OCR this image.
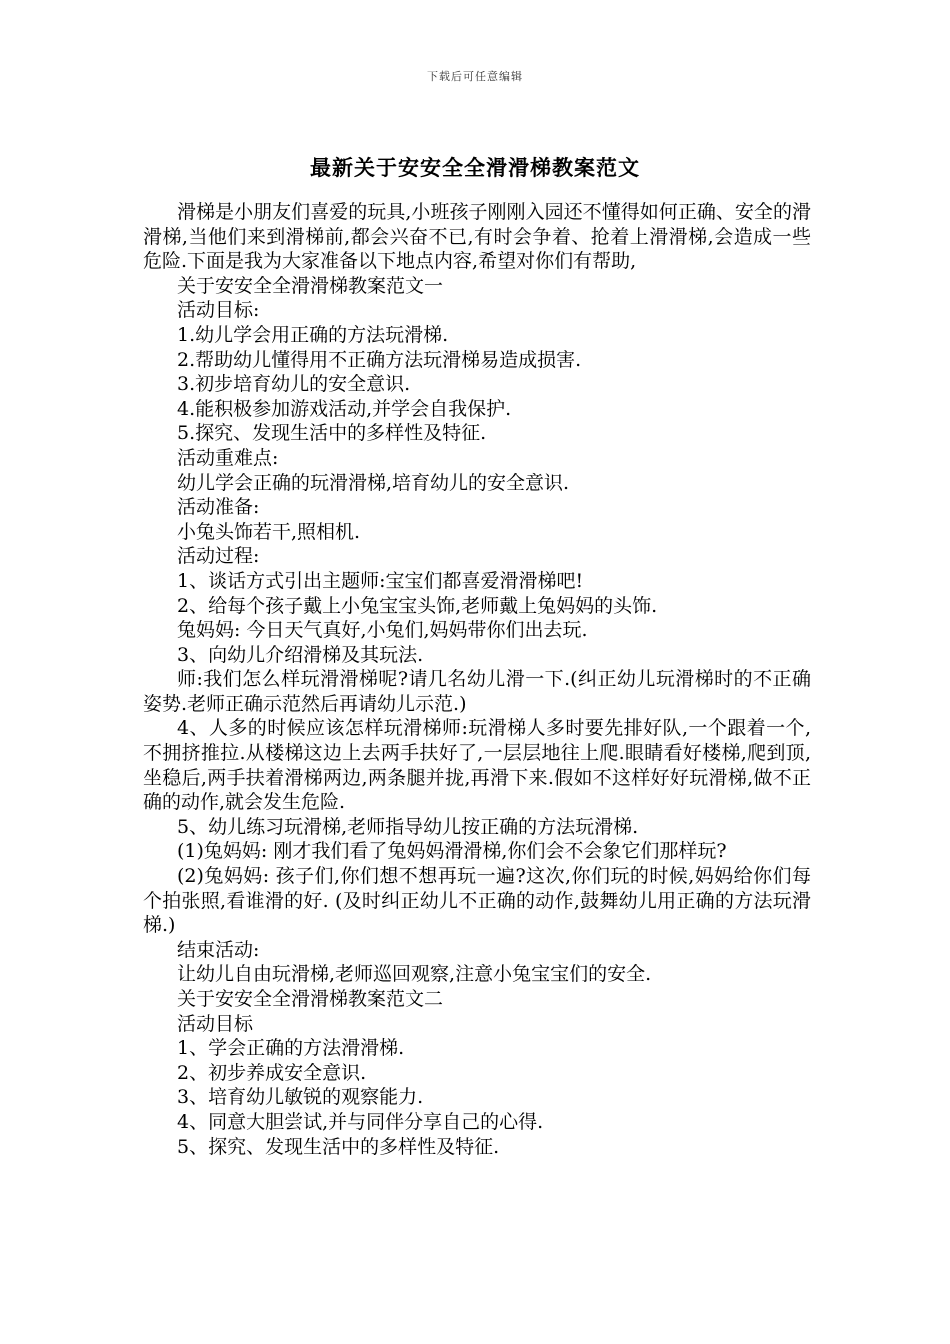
下载后可任意编辑
最新关于安安全全滑滑梯教案范文

滑梯是小朋友们喜爱的玩具,小班孩子刚刚入园还不懂得如何正确、安全的滑滑梯,当他们来到滑梯前,都会兴奋不已,有时会争着、抢着上滑滑梯,会造成一些危险.下面是我为大家准备以下地点内容,希望对你们有帮助,

关于安安全全滑滑梯教案范文一

活动目标:

1.幼儿学会用正确的方法玩滑梯.

2.帮助幼儿懂得用不正确方法玩滑梯易造成损害.

3.初步培育幼儿的安全意识.

4.能积极参加游戏活动,并学会自我保护.

5.探究、发现生活中的多样性及特征.

活动重难点:

幼儿学会正确的玩滑滑梯,培育幼儿的安全意识.

活动准备:

小兔头饰若干,照相机.

活动过程:

1、谈话方式引出主题师:宝宝们都喜爱滑滑梯吧!

2、给每个孩子戴上小兔宝宝头饰,老师戴上兔妈妈的头饰.

兔妈妈: 今日天气真好,小兔们,妈妈带你们出去玩.

3、向幼儿介绍滑梯及其玩法.

师:我们怎么样玩滑滑梯呢?请几名幼儿滑一下.(纠正幼儿玩滑梯时的不正确姿势.老师正确示范然后再请幼儿示范.)

4、人多的时候应该怎样玩滑梯师:玩滑梯人多时要先排好队,一个跟着一个,不拥挤推拉.从楼梯这边上去两手扶好了,一层层地往上爬.眼睛看好楼梯,爬到顶,坐稳后,两手扶着滑梯两边,两条腿并拢,再滑下来.假如不这样好好玩滑梯,做不正确的动作,就会发生危险.

5、幼儿练习玩滑梯,老师指导幼儿按正确的方法玩滑梯.

(1)兔妈妈: 刚才我们看了兔妈妈滑滑梯,你们会不会象它们那样玩?

(2)兔妈妈: 孩子们,你们想不想再玩一遍?这次,你们玩的时候,妈妈给你们每个拍张照,看谁滑的好. (及时纠正幼儿不正确的动作,鼓舞幼儿用正确的方法玩滑梯.)

结束活动:

让幼儿自由玩滑梯,老师巡回观察,注意小兔宝宝们的安全.

关于安安全全滑滑梯教案范文二

活动目标

1、学会正确的方法滑滑梯.

2、初步养成安全意识.

3、培育幼儿敏锐的观察能力.

4、同意大胆尝试,并与同伴分享自己的心得.

5、探究、发现生活中的多样性及特征.
